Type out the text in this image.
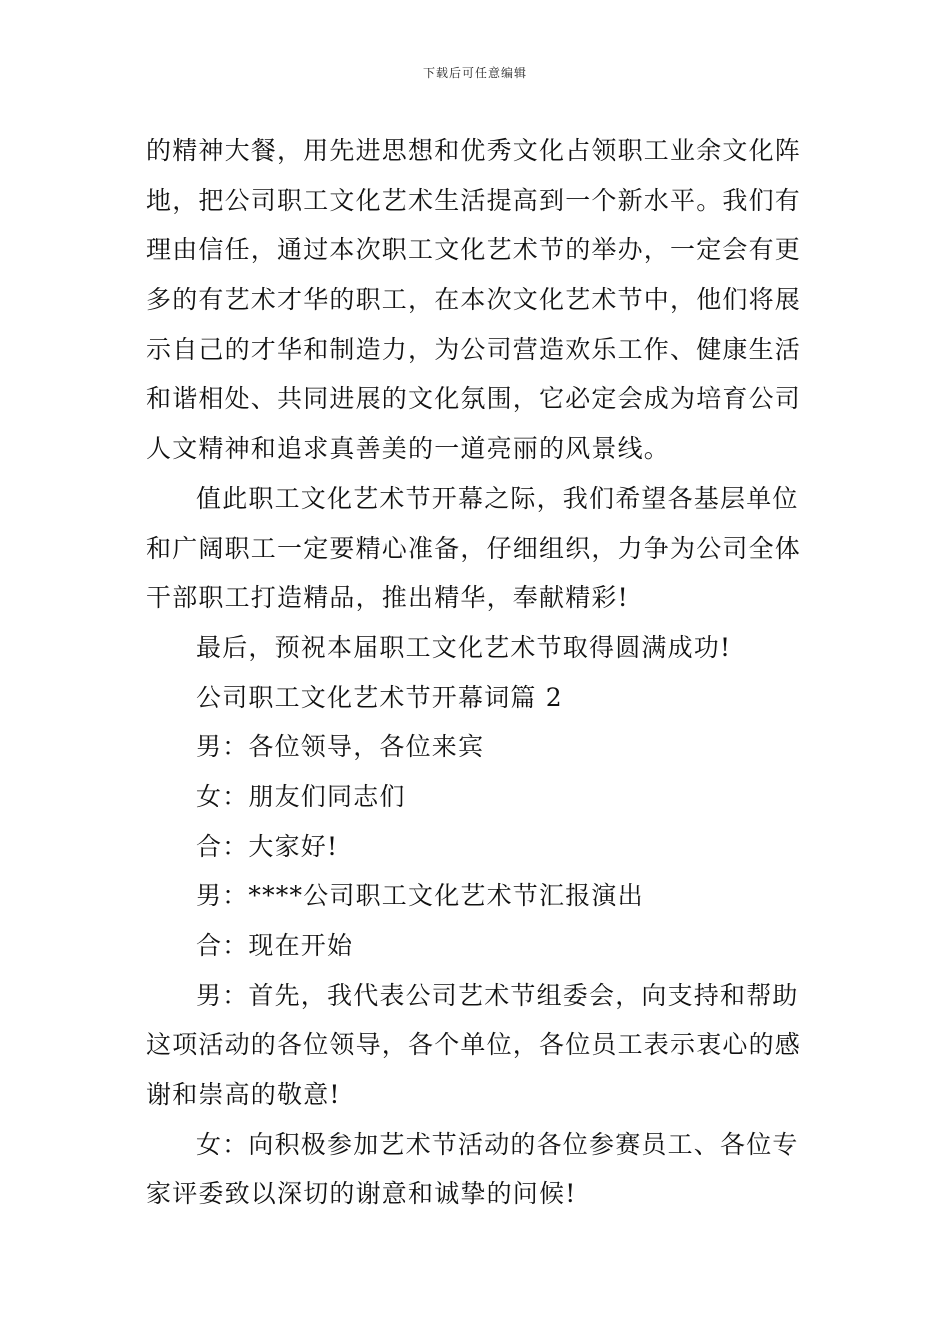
下载后可任意编辑
的精神大餐，用先进思想和优秀文化占领职工业余文化阵
地，把公司职工文化艺术生活提高到一个新水平。我们有
理由信任，通过本次职工文化艺术节的举办，一定会有更
多的有艺术才华的职工，在本次文化艺术节中，他们将展
示自己的才华和制造力，为公司营造欢乐工作、健康生活
和谐相处、共同进展的文化氛围，它必定会成为培育公司
人文精神和追求真善美的一道亮丽的风景线。
值此职工文化艺术节开幕之际，我们希望各基层单位
和广阔职工一定要精心准备，仔细组织，力争为公司全体
干部职工打造精品，推出精华，奉献精彩!
最后，预祝本届职工文化艺术节取得圆满成功!
公司职工文化艺术节开幕词篇 2
男：各位领导，各位来宾
女：朋友们同志们
合：大家好!
男：****公司职工文化艺术节汇报演出
合：现在开始
男：首先，我代表公司艺术节组委会，向支持和帮助
这项活动的各位领导，各个单位，各位员工表示衷心的感
谢和崇高的敬意!
女：向积极参加艺术节活动的各位参赛员工、各位专
家评委致以深切的谢意和诚挚的问候!
